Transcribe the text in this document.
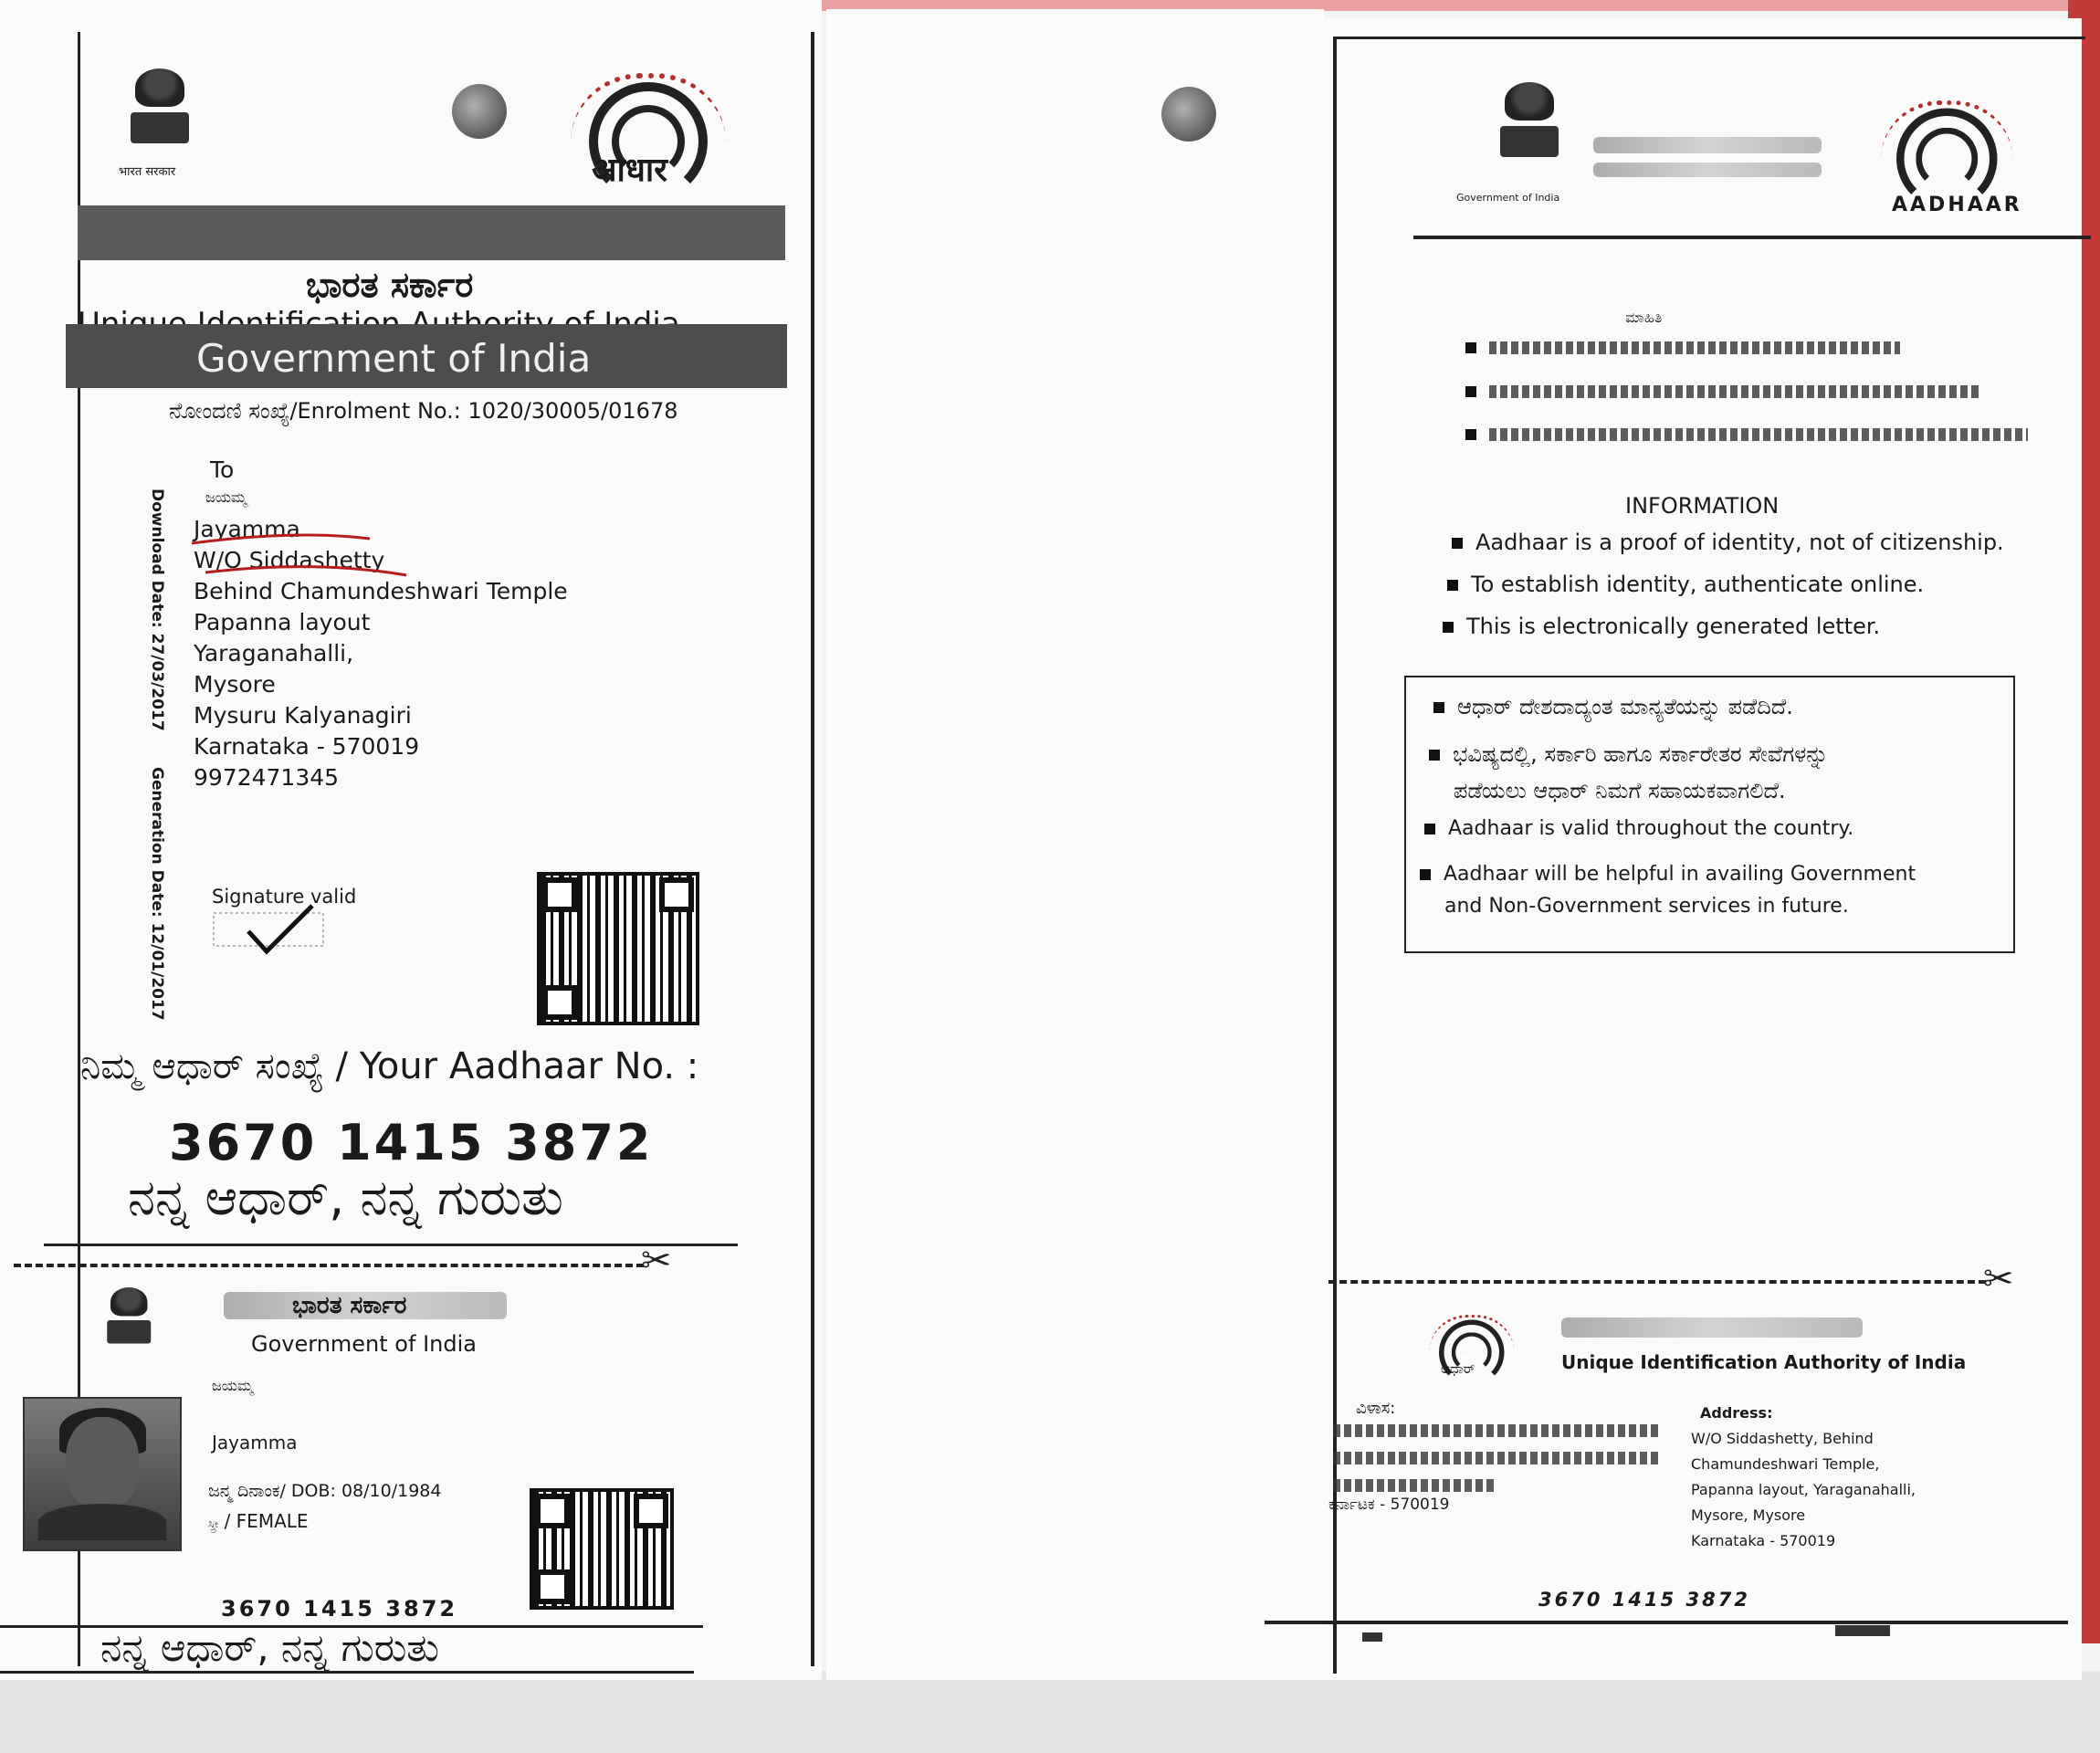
भारत सरकार	आधार
ಭಾರತ ಸರ್ಕಾರ
Government of India
ನೋಂದಣಿ ಸಂಖ್ಯೆ/Enrolment No.: 1020/30005/01678
To
ಜಯಮ್ಮ
Jayamma
W/O Siddashetty
Behind Chamundeshwari Temple
Papanna layout
Yaraganahalli,
Mysore
Mysuru Kalyanagiri
Karnataka - 570019
9972471345
Download Date: 27/03/2017
Generation Date: 12/01/2017 Signature valid
ನಿಮ್ಮ ಆಧಾರ್ ಸಂಖ್ಯೆ / Your Aadhaar No. :
3670 1415 3872
ನನ್ನ ಆಧಾರ್, ನನ್ನ ಗುರುತು
✂
ಭಾರತ ಸರ್ಕಾರ
Government of India
ಜಯಮ್ಮ
Jayamma
ಜನ್ಮ ದಿನಾಂಕ/ DOB: 08/10/1984
ಸ್ತ್ರೀ / FEMALE
3670 1415 3872
ನನ್ನ ಆಧಾರ್, ನನ್ನ ಗುರುತು
Government of India	AADHAAR
ಮಾಹಿತಿ
INFORMATION
Aadhaar is a proof of identity, not of citizenship.
To establish identity, authenticate online.
This is electronically generated letter.
ಆಧಾರ್ ದೇಶದಾದ್ಯಂತ ಮಾನ್ಯತೆಯನ್ನು ಪಡೆದಿದೆ.
ಭವಿಷ್ಯದಲ್ಲಿ, ಸರ್ಕಾರಿ ಹಾಗೂ ಸರ್ಕಾರೇತರ ಸೇವೆಗಳನ್ನು
ಪಡೆಯಲು ಆಧಾರ್ ನಿಮಗೆ ಸಹಾಯಕವಾಗಲಿದೆ.
Aadhaar is valid throughout the country.
Aadhaar will be helpful in availing Government
and Non-Government services in future.
✂
ಆಧಾರ್	Unique Identification Authority of India
ವಿಳಾಸ:
ಕರ್ನಾಟಕ - 570019
Address:
W/O Siddashetty, Behind
Chamundeshwari Temple,
Papanna layout, Yaraganahalli,
Mysore, Mysore
Karnataka - 570019
3670 1415 3872
